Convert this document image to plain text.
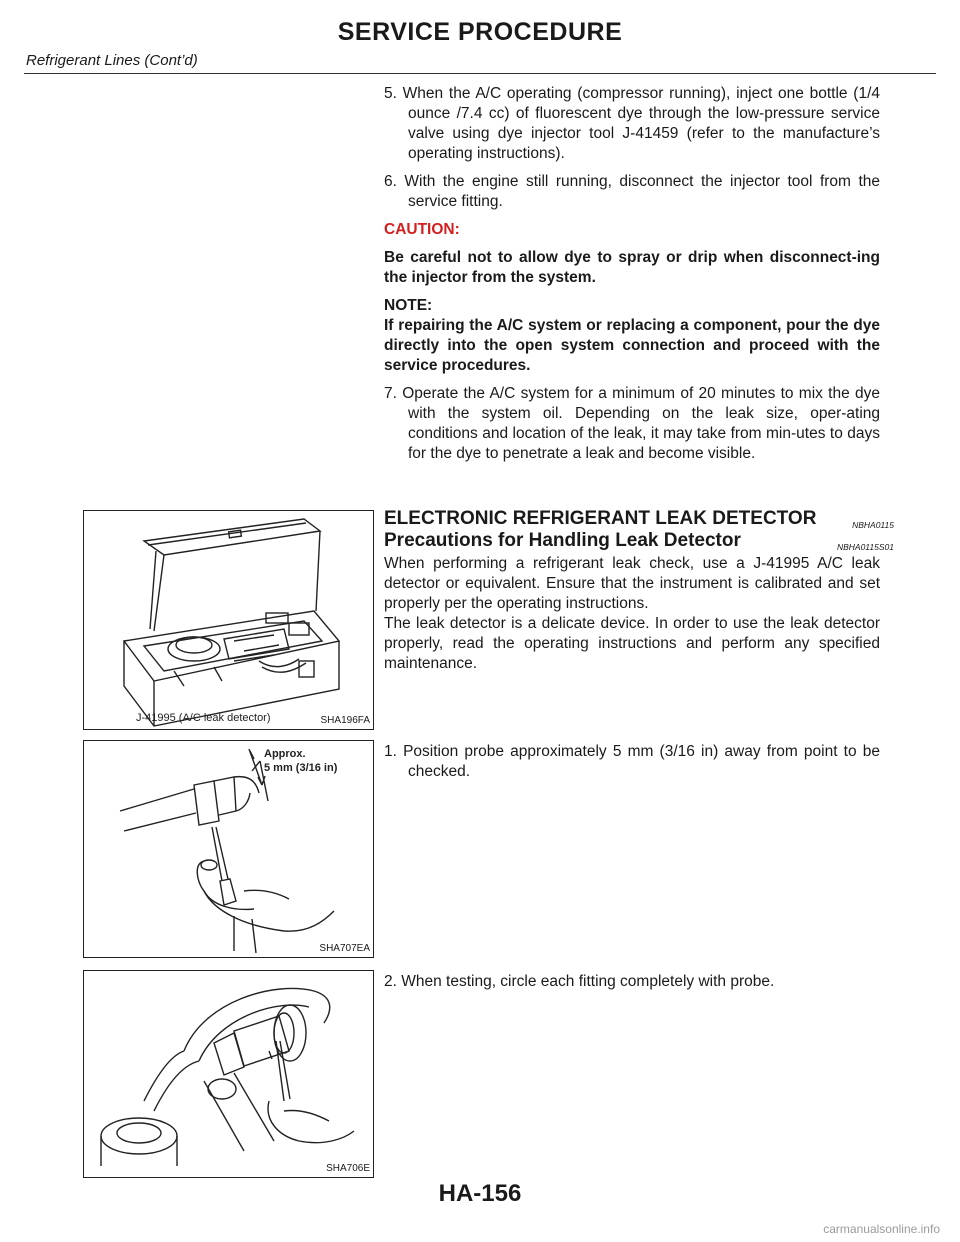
SERVICE PROCEDURE
Refrigerant Lines (Cont’d)

5. When the A/C operating (compressor running), inject one bottle (1/4 ounce /7.4 cc) of fluorescent dye through the low-pressure service valve using dye injector tool J-41459 (refer to the manufacture’s operating instructions).

6. With the engine still running, disconnect the injector tool from the service fitting.

CAUTION:

Be careful not to allow dye to spray or drip when disconnect-ing the injector from the system.

NOTE:

If repairing the A/C system or replacing a component, pour the dye directly into the open system connection and proceed with the service procedures.

7. Operate the A/C system for a minimum of 20 minutes to mix the dye with the system oil. Depending on the leak size, oper-ating conditions and location of the leak, it may take from min-utes to days for the dye to penetrate a leak and become visible.

ELECTRONIC REFRIGERANT LEAK DETECTOR	NBHA0115
Precautions for Handling Leak Detector	NBHA0115S01

When performing a refrigerant leak check, use a J-41995 A/C leak detector or equivalent. Ensure that the instrument is calibrated and set properly per the operating instructions.

The leak detector is a delicate device. In order to use the leak detector properly, read the operating instructions and perform any specified maintenance.

1. Position probe approximately 5 mm (3/16 in) away from point to be checked.

2. When testing, circle each fitting completely with probe.

J-41995 (A/C leak detector)	SHA196FA
Approx.
5 mm (3/16 in)
SHA707EA
SHA706E
HA-156
carmanualsonline.info
